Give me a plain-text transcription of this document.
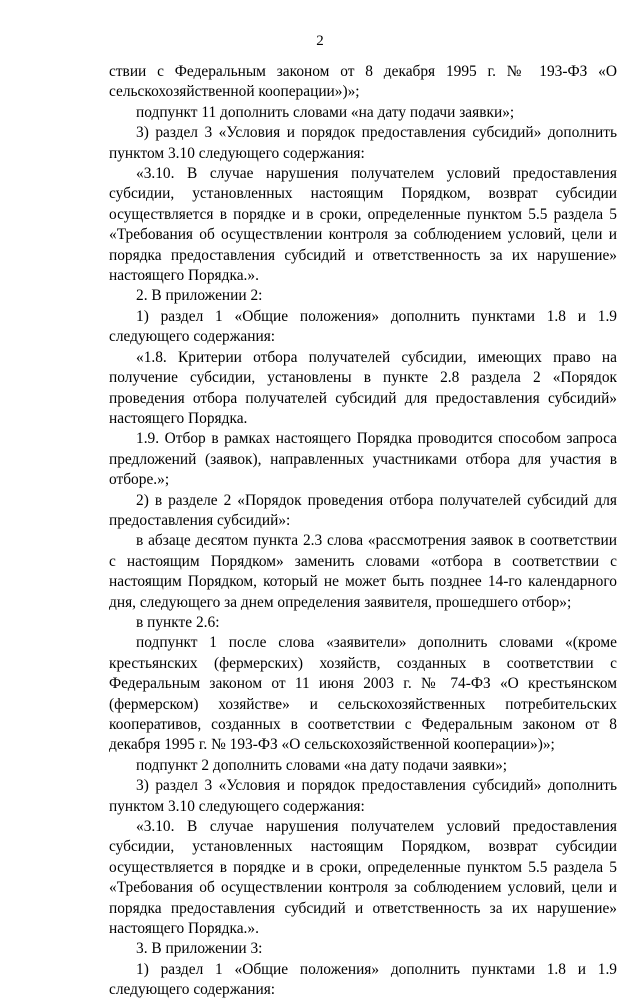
2

ствии с Федеральным законом от 8 декабря 1995 г. № 193-ФЗ «О сельскохозяйственной кооперации»)»;

подпункт 11 дополнить словами «на дату подачи заявки»;

3) раздел 3 «Условия и порядок предоставления субсидий» дополнить пунктом 3.10 следующего содержания:

«3.10. В случае нарушения получателем условий предоставления субсидии, установленных настоящим Порядком, возврат субсидии осуществляется в порядке и в сроки, определенные пунктом 5.5 раздела 5 «Требования об осуществлении контроля за соблюдением условий, цели и порядка предоставления субсидий и ответственность за их нарушение» настоящего Порядка.».

2. В приложении 2:

1) раздел 1 «Общие положения» дополнить пунктами 1.8 и 1.9 следующего содержания:

«1.8. Критерии отбора получателей субсидии, имеющих право на получение субсидии, установлены в пункте 2.8 раздела 2 «Порядок проведения отбора получателей субсидий для предоставления субсидий» настоящего Порядка.

1.9. Отбор в рамках настоящего Порядка проводится способом запроса предложений (заявок), направленных участниками отбора для участия в отборе.»;

2) в разделе 2 «Порядок проведения отбора получателей субсидий для предоставления субсидий»:

в абзаце десятом пункта 2.3 слова «рассмотрения заявок в соответствии с настоящим Порядком» заменить словами «отбора в соответствии с настоящим Порядком, который не может быть позднее 14-го календарного дня, следующего за днем определения заявителя, прошедшего отбор»;

в пункте 2.6:

подпункт 1 после слова «заявители» дополнить словами «(кроме крестьянских (фермерских) хозяйств, созданных в соответствии с Федеральным законом от 11 июня 2003 г. № 74-ФЗ «О крестьянском (фермерском) хозяйстве» и сельскохозяйственных потребительских кооперативов, созданных в соответствии с Федеральным законом от 8 декабря 1995 г. № 193-ФЗ «О сельскохозяйственной кооперации»)»;

подпункт 2 дополнить словами «на дату подачи заявки»;

3) раздел 3 «Условия и порядок предоставления субсидий» дополнить пунктом 3.10 следующего содержания:

«3.10. В случае нарушения получателем условий предоставления субсидии, установленных настоящим Порядком, возврат субсидии осуществляется в порядке и в сроки, определенные пунктом 5.5 раздела 5 «Требования об осуществлении контроля за соблюдением условий, цели и порядка предоставления субсидий и ответственность за их нарушение» настоящего Порядка.».

3. В приложении 3:

1) раздел 1 «Общие положения» дополнить пунктами 1.8 и 1.9 следующего содержания:
